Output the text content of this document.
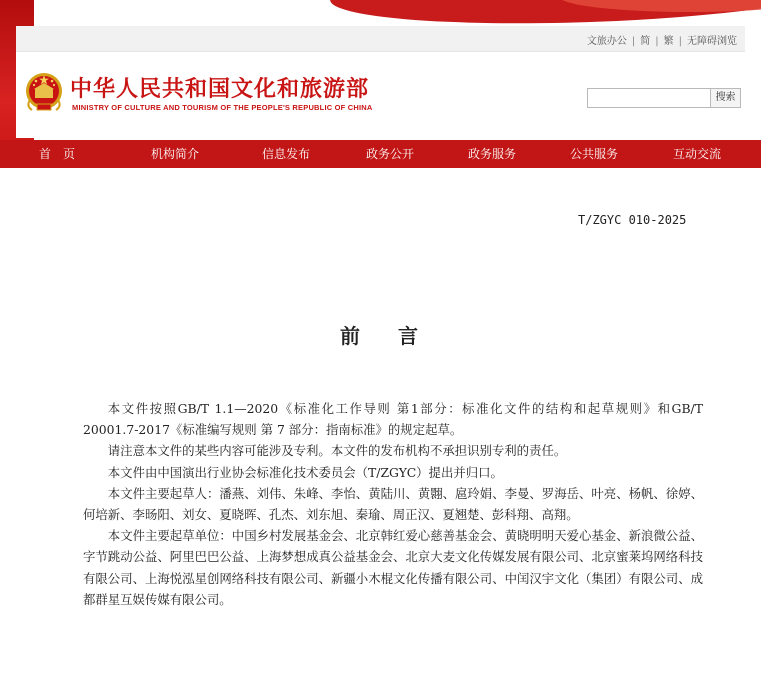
文旅办公 | 简 | 繁 | 无障碍浏览
中华人民共和国文化和旅游部
MINISTRY OF CULTURE AND TOURISM OF THE PEOPLE'S REPUBLIC OF CHINA
搜索
首　页	机构简介	信息发布	政务公开	政务服务	公共服务	互动交流
T/ZGYC 010-2025
前言

本文件按照GB/T 1.1—2020《标准化工作导则 第1部分：标准化文件的结构和起草规则》和GB/T 20001.7-2017《标准编写规则 第 7 部分：指南标准》的规定起草。

请注意本文件的某些内容可能涉及专利。本文件的发布机构不承担识别专利的责任。

本文件由中国演出行业协会标准化技术委员会（T/ZGYC）提出并归口。

本文件主要起草人：潘燕、刘伟、朱峰、李怡、黄陆川、黄翾、扈玲娟、李曼、罗海岳、叶亮、杨帆、徐婷、何培新、李旸阳、刘女、夏晓晖、孔杰、刘东旭、秦瑜、周正汉、夏翘楚、彭科翔、高翔。

本文件主要起草单位：中国乡村发展基金会、北京韩红爱心慈善基金会、黄晓明明天爱心基金、新浪微公益、字节跳动公益、阿里巴巴公益、上海梦想成真公益基金会、北京大麦文化传媒发展有限公司、北京蜜莱坞网络科技有限公司、上海悦泓星创网络科技有限公司、新疆小木棍文化传播有限公司、中闰汉宇文化（集团）有限公司、成都群星互娱传媒有限公司。
